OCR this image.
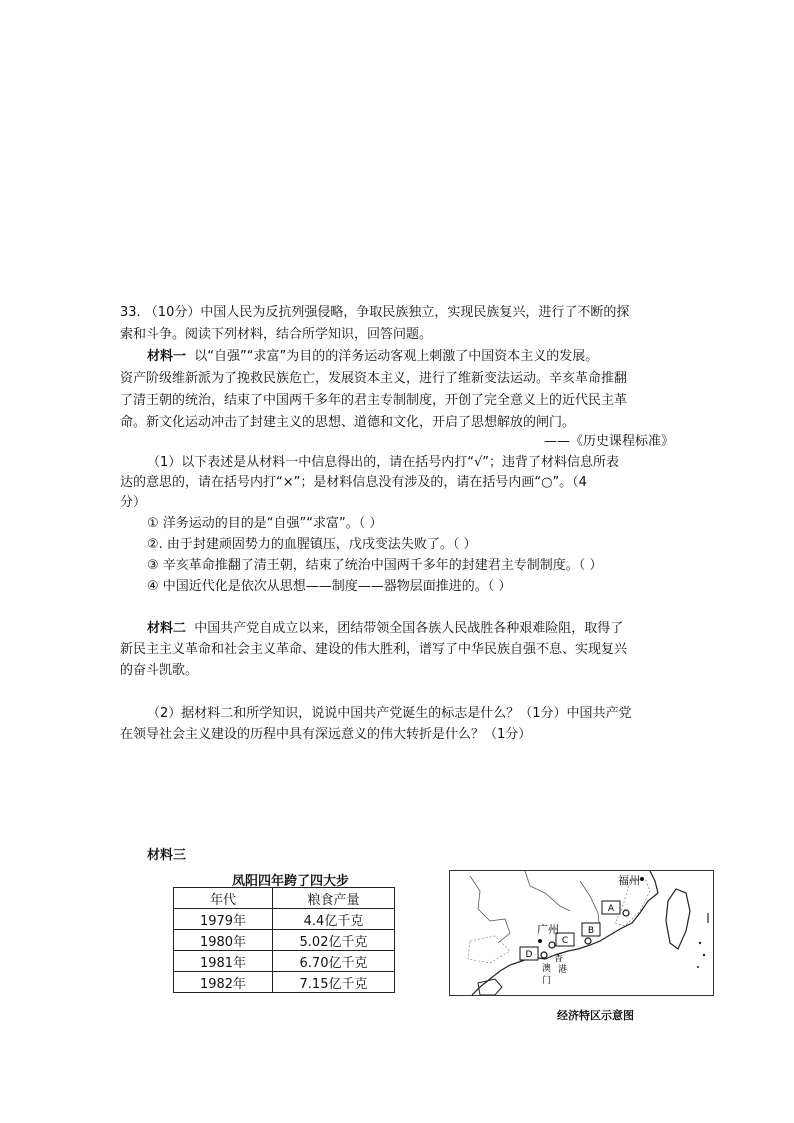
33. （10分）中国人民为反抗列强侵略，争取民族独立，实现民族复兴，进行了不断的探
索和斗争。阅读下列材料，结合所学知识，回答问题。
材料一 以“自强”“求富”为目的的洋务运动客观上刺激了中国资本主义的发展。
资产阶级维新派为了挽救民族危亡，发展资本主义，进行了维新变法运动。辛亥革命推翻
了清王朝的统治，结束了中国两千多年的君主专制制度，开创了完全意义上的近代民主革
命。新文化运动冲击了封建主义的思想、道德和文化，开启了思想解放的闸门。
——《历史课程标准》
（1）以下表述是从材料一中信息得出的，请在括号内打“√”；违背了材料信息所表
达的意思的，请在括号内打“×”；是材料信息没有涉及的，请在括号内画“○”。（4
分）
① 洋务运动的目的是“自强”“求富”。（ ）
②. 由于封建顽固势力的血腥镇压，戊戌变法失败了。（ ）
③ 辛亥革命推翻了清王朝，结束了统治中国两千多年的封建君主专制制度。（ ）
④ 中国近代化是依次从思想——制度——器物层面推进的。（ ）
材料二 中国共产党自成立以来，团结带领全国各族人民战胜各种艰难险阻，取得了
新民主主义革命和社会主义革命、建设的伟大胜利，谱写了中华民族自强不息、实现复兴
的奋斗凯歌。
（2）据材料二和所学知识，说说中国共产党诞生的标志是什么？（1分）中国共产党
在领导社会主义建设的历程中具有深远意义的伟大转折是什么？（1分）
材料三
凤阳四年跨了四大步
年代	粮食产量
1979年	4.4亿千克
1980年	5.02亿千克
1981年	6.70亿千克
1982年	7.15亿千克
A
B
C
D
福州
广州
香
港
澳
门
经济特区示意图
